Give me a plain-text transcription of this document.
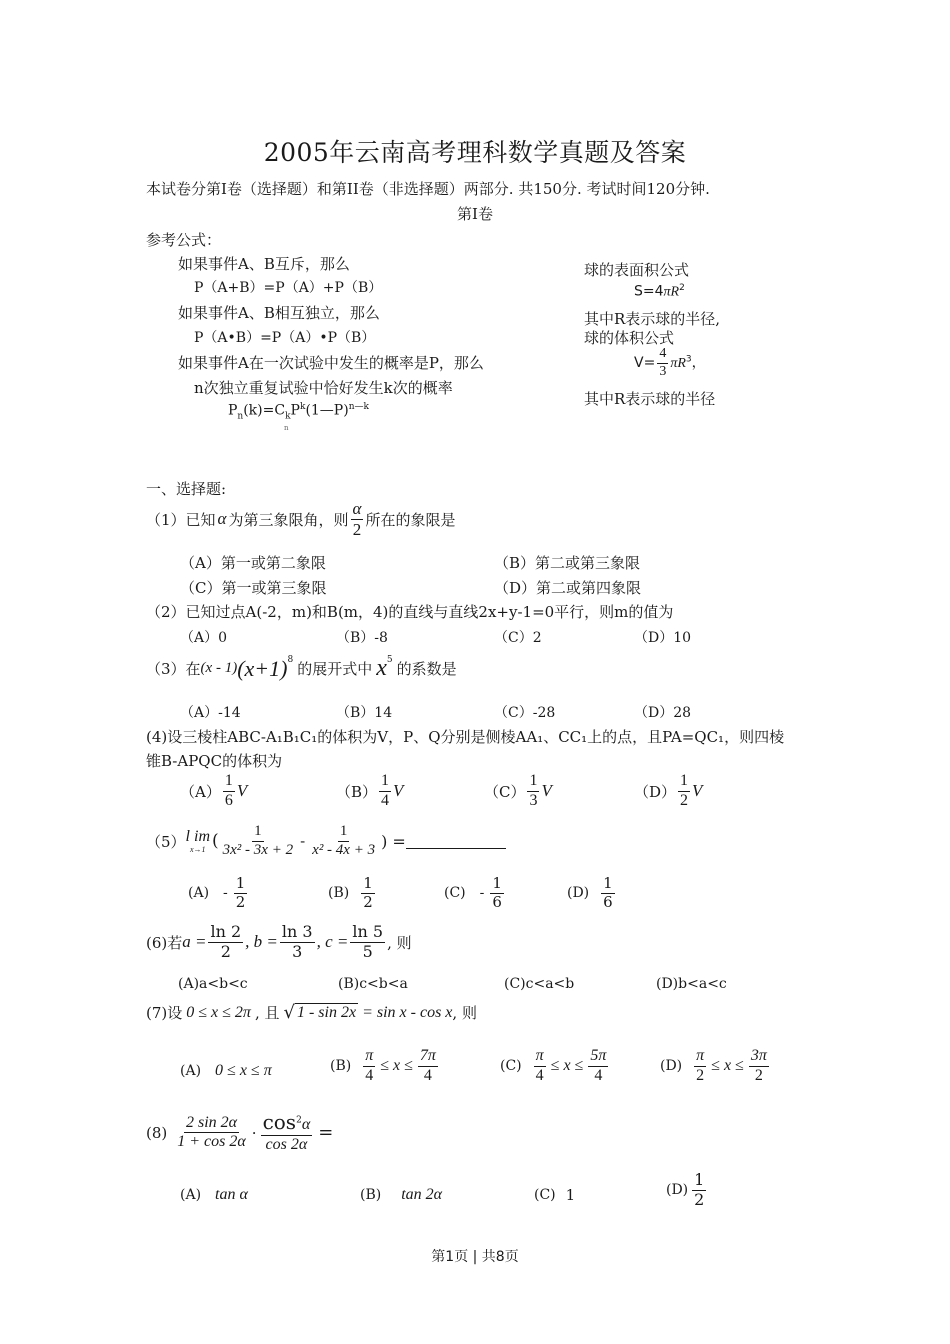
2005年云南高考理科数学真题及答案
本试卷分第Ⅰ卷（选择题）和第II卷（非选择题）两部分. 共150分. 考试时间120分钟.
第Ⅰ卷
参考公式：
如果事件A、B互斥，那么
P（A+B）=P（A）+P（B）
如果事件A、B相互独立，那么
P（A•B）=P（A）•P（B）
如果事件A在一次试验中发生的概率是P，那么
n次独立重复试验中恰好发生k次的概率
$P_n(k)=C_kP^k(1—P)^{n—k}$
n
球的表面积公式
$S=4\pi R^2$
其中R表示球的半径,
球的体积公式
$V= \frac{4}{3} \pi R^3$，
其中R表示球的半径
一、选择题:
（1）已知 α 为第三象限角，则 $\frac{\alpha}{2}$ 所在的象限是
（A）第一或第二象限	（B）第二或第三象限
（C）第一或第三象限	（D）第二或第四象限
（2）已知过点A(-2，m)和B(m，4)的直线与直线2x+y-1=0平行，则m的值为
（A）0	（B）-8	（C）2	（D）10
（3）在 (x - 1) $(x+1)^8$ 的展开式中 $x^5$ 的系数是
（A）-14	（B）14	（C）-28	（D）28
(4)设三棱柱ABC-A₁B₁C₁的体积为V，P、Q分别是侧棱AA₁、CC₁上的点，且PA=QC₁，则四棱
锥B-APQC的体积为
$(A) \frac{1}{6}$ V	$(B) \frac{1}{4}$ V	$(C) \frac{1}{3}$ V	$(D) \frac{1}{2}$ V
（5） l im
x→1 ( $\frac{1}{\text{3x² - 3x + 2}} - \frac{1}{\text{x² - 4x + 3}}$ ) =
$(A) - \frac{1}{2}$	$(B) \frac{1}{2}$	$(C) - \frac{1}{6}$	$(D) \frac{1}{6}$
(6)若 $a = \frac{\ln 2}{2}$ , $b = \frac{\ln 3}{3}$ , $c = \frac{\ln 5}{5}$ , 则
(A)a<b<c	(B)c<b<a	(C)c<a<b	(D)b<a<c
(7)设 0 ≤ x ≤ 2π , 且 √ 1 - sin 2x = sin x - cos x , 则
(A) 0 ≤ x ≤ π	$(B) \frac{\pi}{4} \le x \le \frac{7\pi}{4}$	$(C) \frac{\pi}{4} \le x \le \frac{5\pi}{4}$	$(D) \frac{\pi}{2} \le x \le \frac{3\pi}{2}$
$(8) \frac{2 \sin 2\alpha}{1 + \cos 2\alpha} \cdot \frac{\cos^2\alpha}{\cos 2\alpha}$ =
(A) tan α	(B) tan 2α	(C) 1	$(D) \frac{1}{2}$
第1页 | 共8页
